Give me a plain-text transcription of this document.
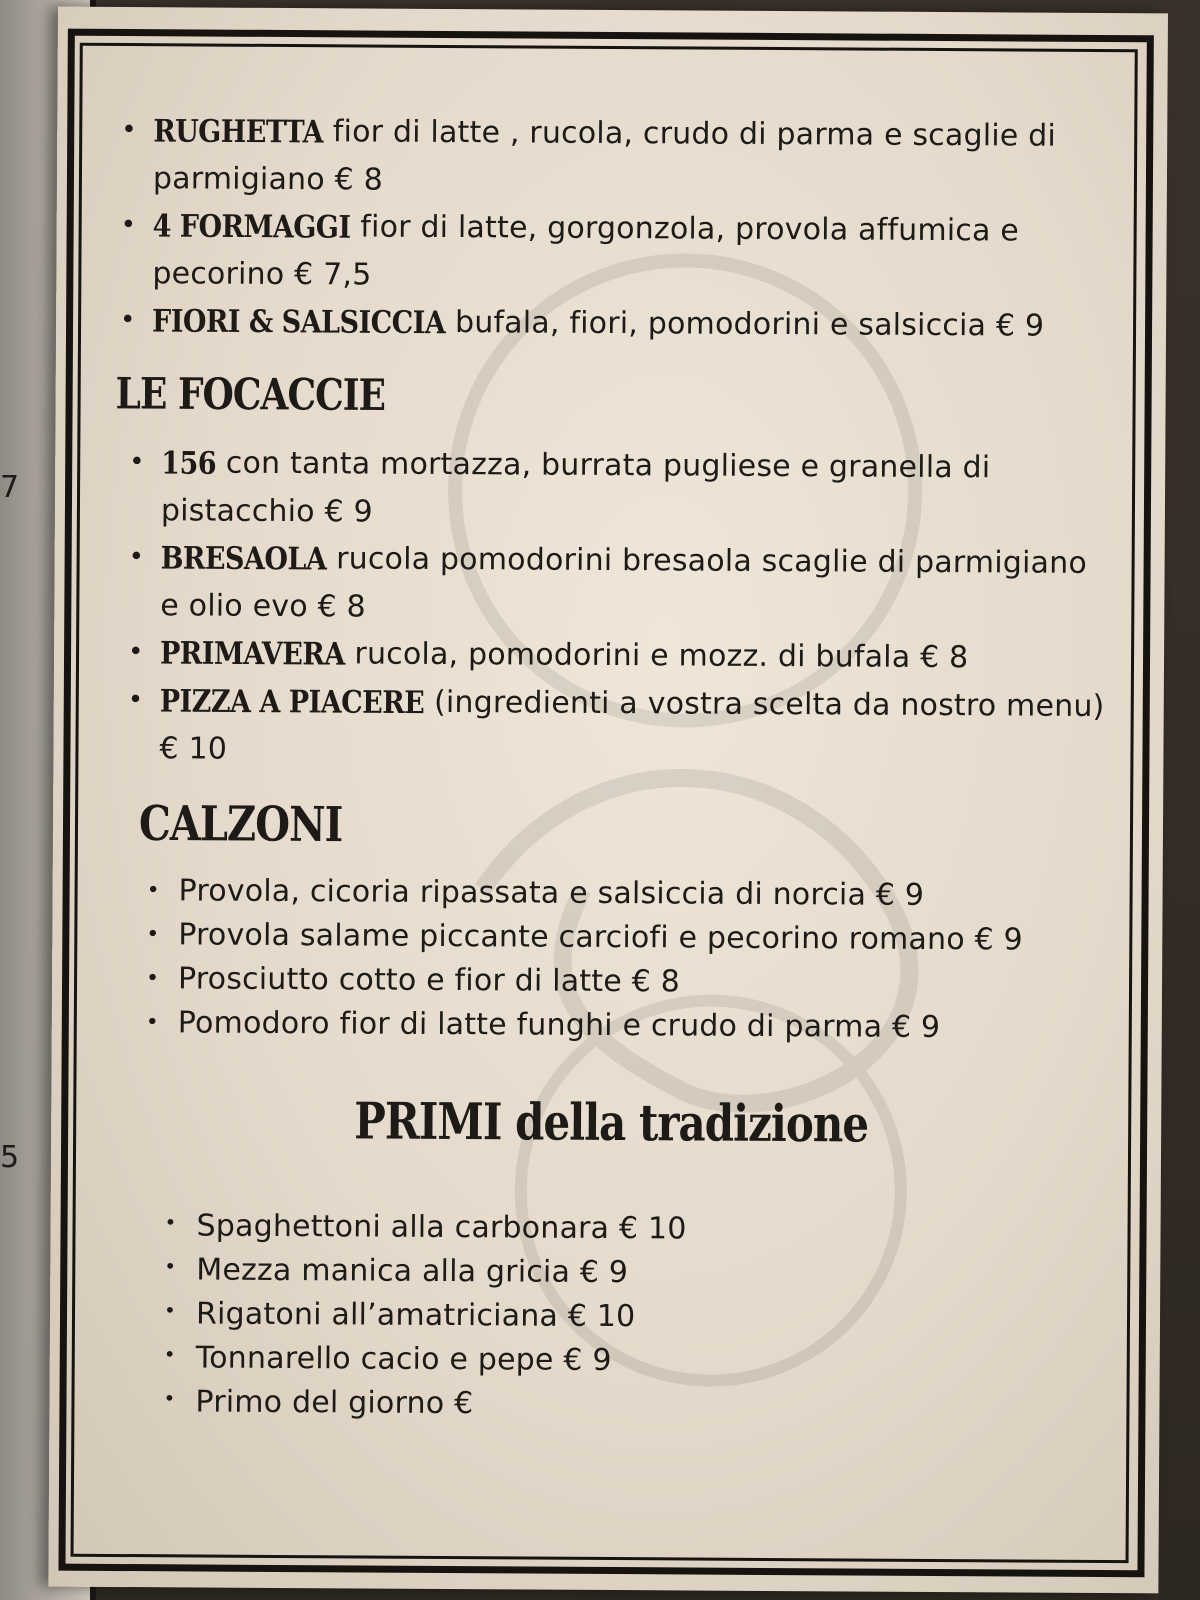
7
5
• RUGHETTA fior di latte , rucola, crudo di parma e scaglie di parmigiano € 8
• 4 FORMAGGI fior di latte, gorgonzola, provola affumica e pecorino € 7,5
• FIORI & SALSICCIA bufala, fiori, pomodorini e salsiccia € 9
LE FOCACCIE
• 156 con tanta mortazza, burrata pugliese e granella di pistacchio € 9
• BRESAOLA rucola pomodorini bresaola scaglie di parmigiano e olio evo € 8
• PRIMAVERA rucola, pomodorini e mozz. di bufala € 8
• PIZZA A PIACERE (ingredienti a vostra scelta da nostro menu) € 10
CALZONI
• Provola, cicoria ripassata e salsiccia di norcia € 9
• Provola salame piccante carciofi e pecorino romano € 9
• Prosciutto cotto e fior di latte € 8
• Pomodoro fior di latte funghi e crudo di parma € 9
PRIMI della tradizione
• Spaghettoni alla carbonara € 10
• Mezza manica alla gricia € 9
• Rigatoni all’amatriciana € 10
• Tonnarello cacio e pepe € 9
• Primo del giorno €
